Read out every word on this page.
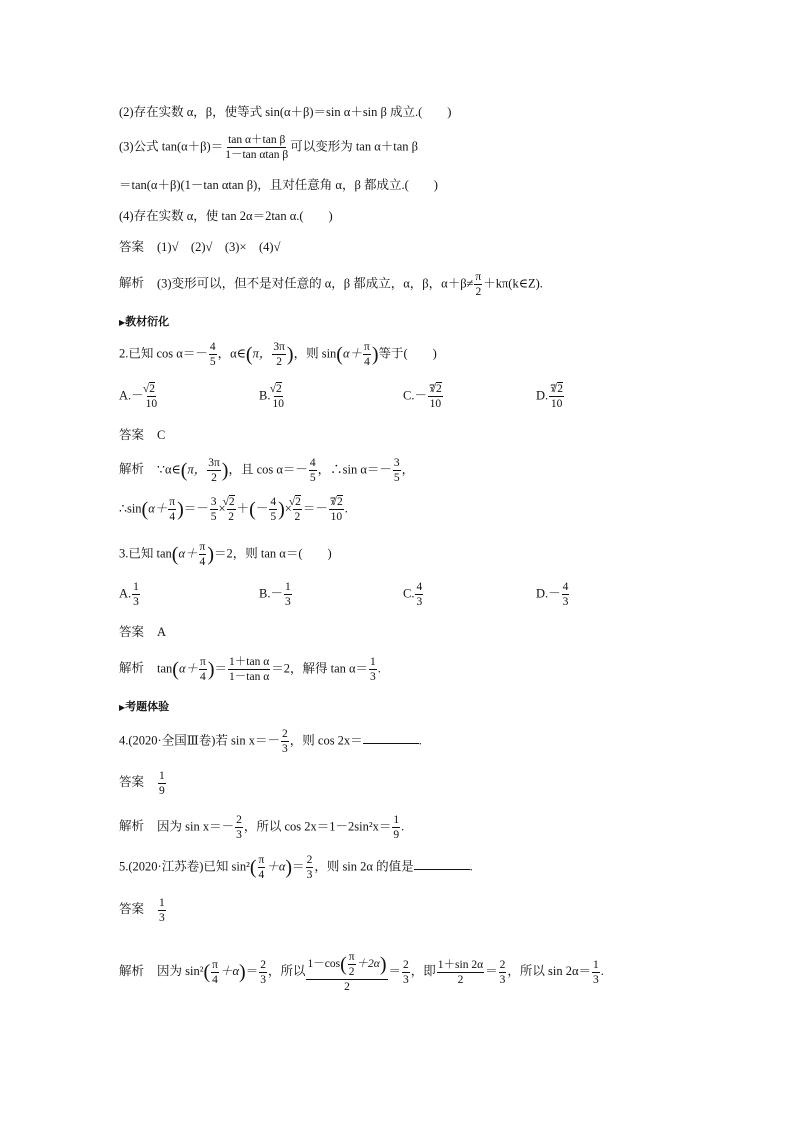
(2)存在实数 α，β，使等式 sin(α＋β)＝sin α＋sin β 成立.(　　)
(3)公式 $\tan(\alpha+\beta)= \frac{\text{tan α＋tan β}}{\text{1－tan αtan β}}$ 可以变形为 tan α＋tan β
＝tan(α＋β)(1－tan αtan β)，且对任意角 α，β 都成立.(　　)
(4)存在实数 α，使 tan 2α＝2tan α.(　　)
答案 (1)√　(2)√　(3)×　(4)√
解析 (3)变形可以，但不是对任意的 α，β 都成立，α，β，$\alpha+\beta\ne \frac{\pi}{2}$ ＋kπ(k∈Z).
▶教材衍化
2.已知 $\cos \alpha=- \frac{4}{5}$ ，α∈(π， $\frac{3\pi}{2}$ )，则 $\sin(\alpha+ \frac{\pi}{4}$ )等于(　　)
A.－ √ $\frac{2}{10}$	B. √ $\frac{2}{10}$	$C.- \frac{7√ 2}{10}$	D. $\frac{7√ 2}{10}$
答案 C
解析 ∵α∈(π， $\frac{3\pi}{2}$ )，且 $\cos \alpha=- \frac{4}{5}$ ，∴sin $\alpha=- \frac{3}{5}$ ，
∴sin(α＋ $\frac{\pi}{4}$ )＝－ $\frac{3}{5}$ × √ $\frac{2}{2}$ ＋(－ $\frac{4}{5}$ )× √ $\frac{2}{2} =- \frac{7√ 2}{10}$ .
3.已知 $\tan(\alpha+ \frac{\pi}{4} )=2$，则 tan α＝(　　)
A. $\frac{1}{3}$	$B.- \frac{1}{3}$	C. $\frac{4}{3}$	$D.- \frac{4}{3}$
答案 A
解析 $\tan(\alpha+ \frac{\pi}{4}$ )＝ $\frac{\text{1＋tan α}}{\text{1－tan α}} =2$，解得 $\tan \alpha= \frac{1}{3}$ .
▶考题体验
4.(2020·全国Ⅲ卷)若 $\sin x=- \frac{2}{3}$ ，则 cos 2x＝	.
答案 $\frac{1}{9}$
解析 因为 $\sin x=- \frac{2}{3}$ ，所以 $\cos 2x=1-2\sin^2x= \frac{1}{9}$ .
5.(2020·江苏卷)已知 $\sin^2( \frac{\pi}{4} +\alpha)= \frac{2}{3}$ ，则 sin 2α 的值是	.
答案 $\frac{1}{3}$
解析 因为 $\sin^2( \frac{\pi}{4} +\alpha)= \frac{2}{3}$ ，所以 $\frac{1-\cos( \frac{\pi}{2} +2\alpha)}{2} = \frac{2}{3}$ ，即 $\frac{1+\sin 2\alpha}{2} = \frac{2}{3}$ ，所以 $\sin 2\alpha= \frac{1}{3}$ .
